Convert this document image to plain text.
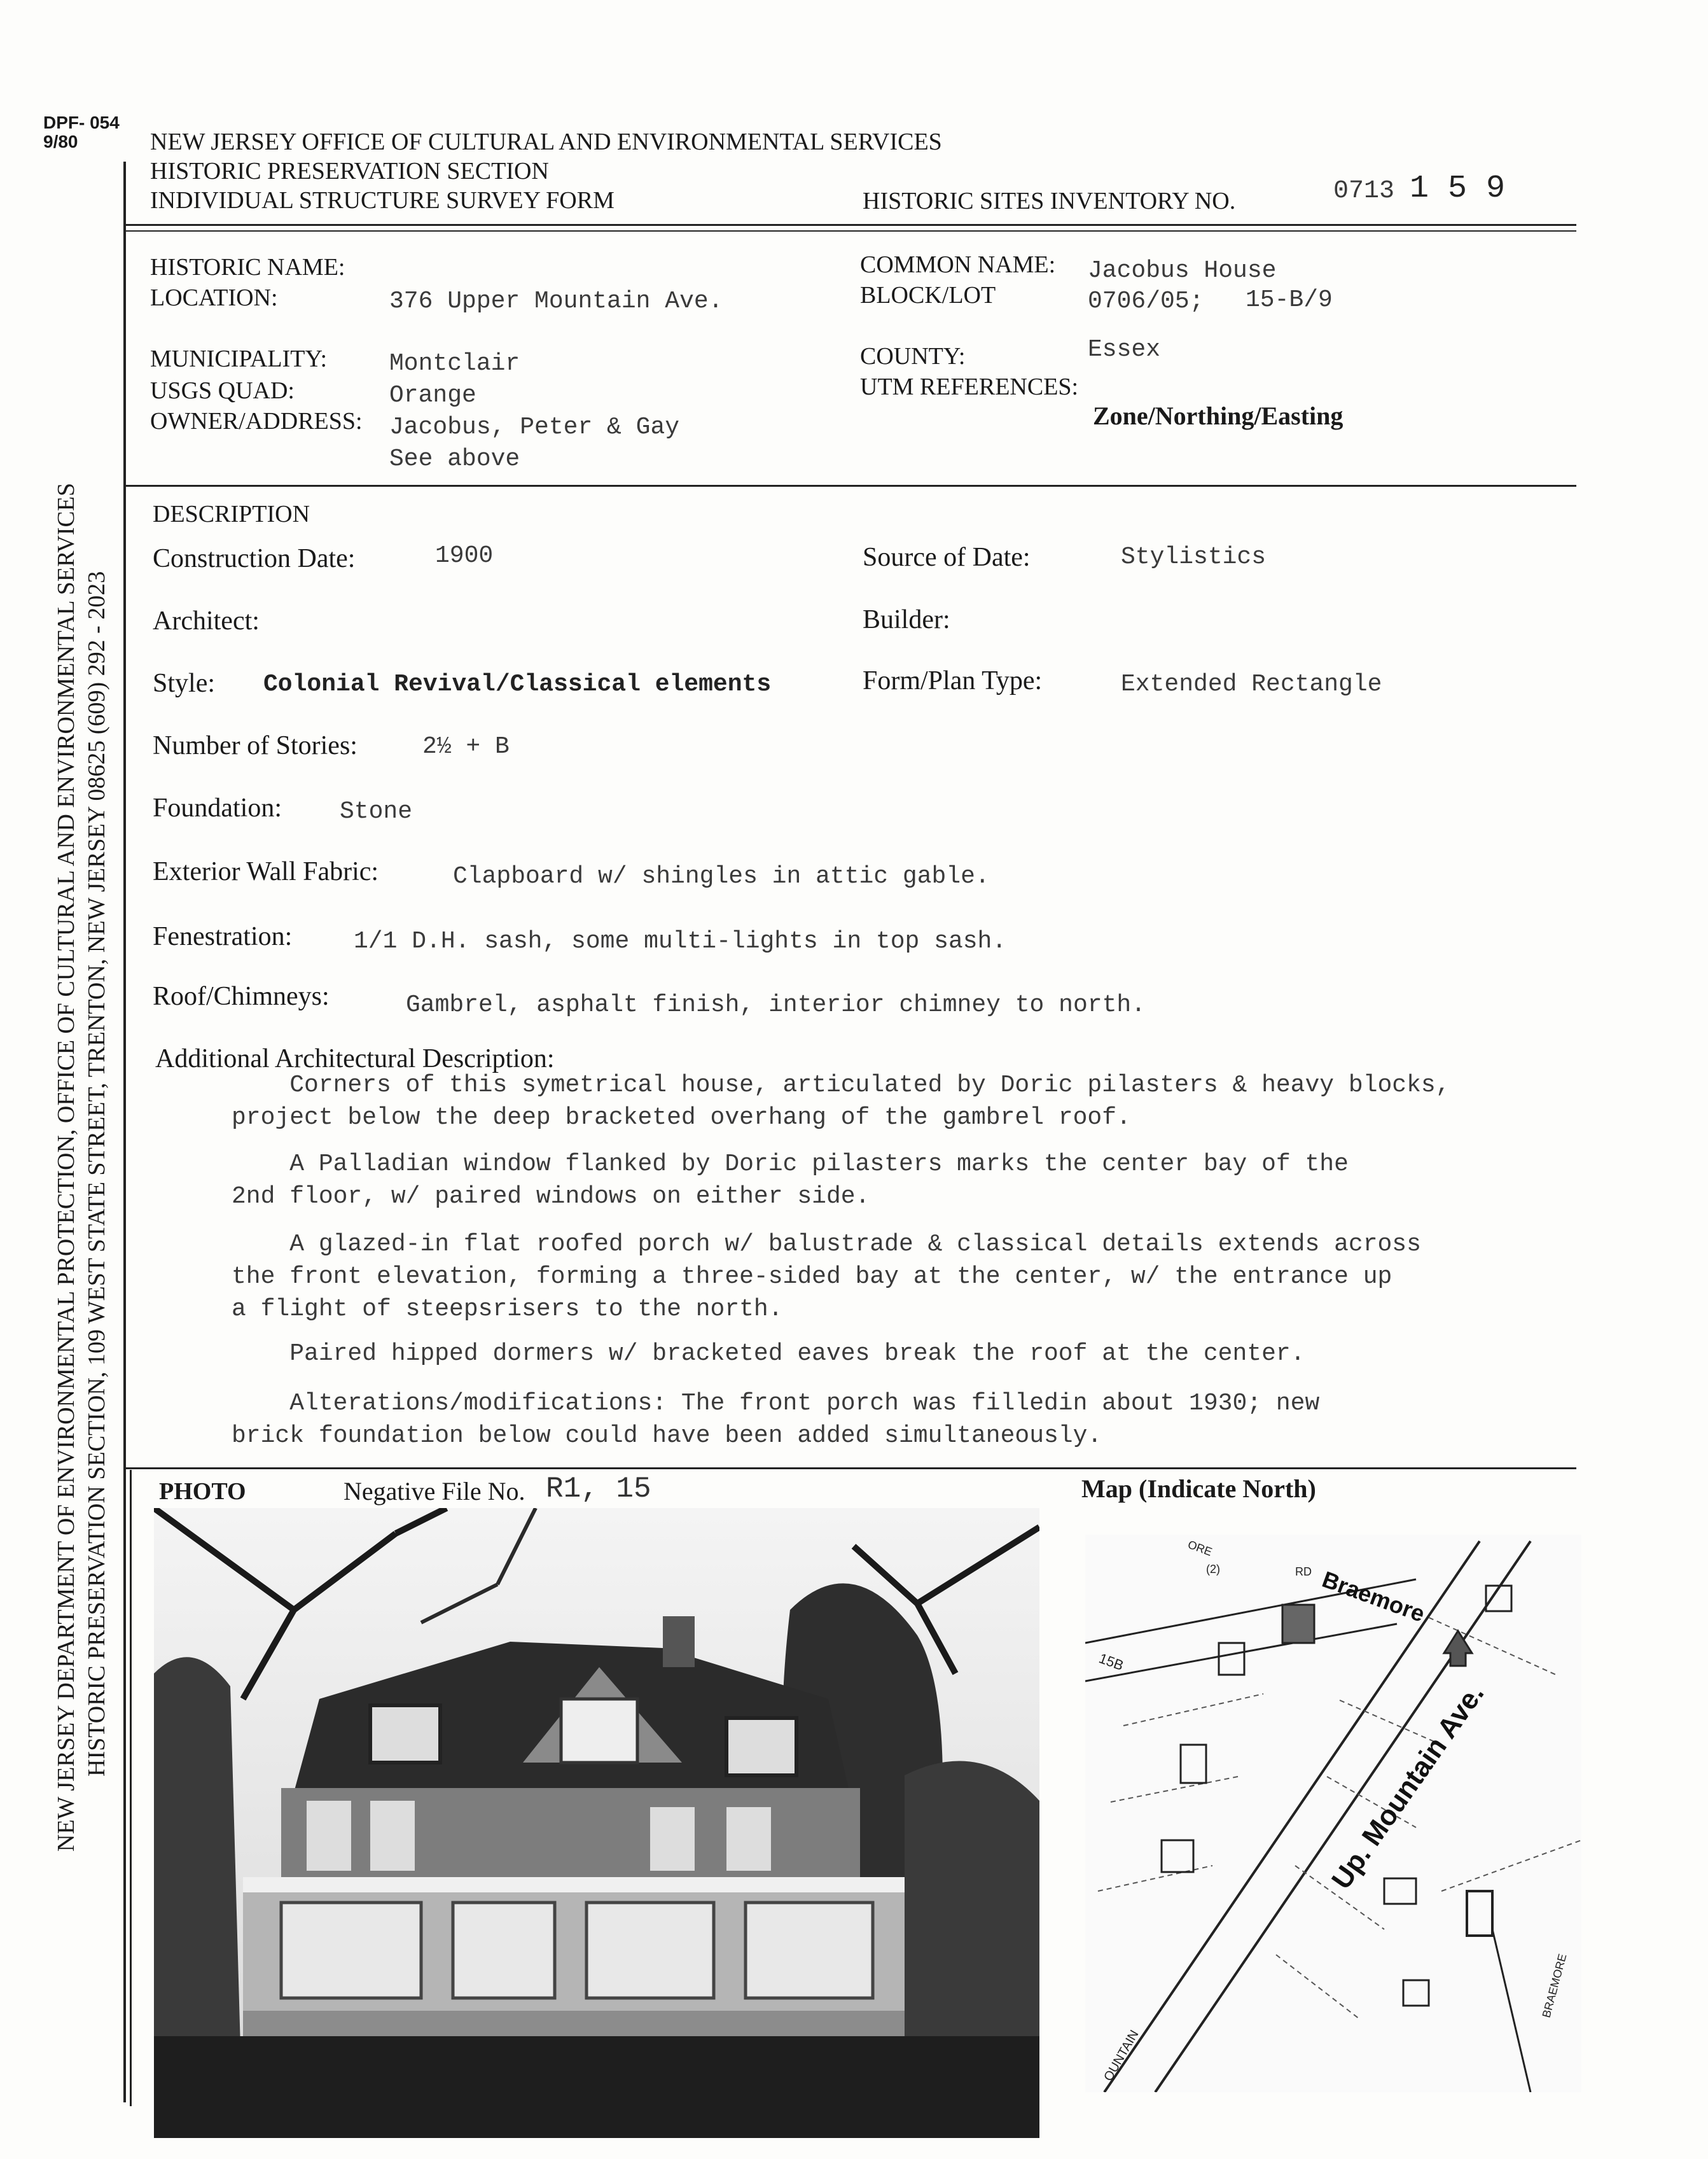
DPF- 054
9/80	NEW JERSEY OFFICE OF CULTURAL AND ENVIRONMENTAL SERVICES
HISTORIC PRESERVATION SECTION
INDIVIDUAL STRUCTURE SURVEY FORM	HISTORIC SITES INVENTORY NO.	0713 1 5 9
NEW JERSEY DEPARTMENT OF ENVIRONMENTAL PROTECTION, OFFICE OF CULTURAL AND ENVIRONMENTAL SERVICES HISTORIC PRESERVATION SECTION, 109 WEST STATE STREET, TRENTON, NEW JERSEY 08625 (609) 292 - 2023
HISTORIC NAME:
LOCATION:	376 Upper Mountain Ave.
MUNICIPALITY:	Montclair
USGS QUAD:	Orange
OWNER/ADDRESS: Jacobus, Peter & Gay
See above
COMMON NAME: Jacobus House
BLOCK/LOT	0706/05; 15-B/9
COUNTY:	Essex
UTM REFERENCES:
Zone/Northing/Easting
DESCRIPTION
Construction Date:	1900	Source of Date:	Stylistics
Architect:	Builder:
Style: Colonial Revival/Classical elements	Form/Plan Type:	Extended Rectangle
Number of Stories:	2½ + B
Foundation: Stone
Exterior Wall Fabric:	Clapboard w/ shingles in attic gable.
Fenestration:	1/1 D.H. sash, some multi-lights in top sash.
Roof/Chimneys:	Gambrel, asphalt finish, interior chimney to north.
Additional Architectural Description:
Corners of this symetrical house, articulated by Doric pilasters & heavy blocks,
project below the deep bracketed overhang of the gambrel roof.
A Palladian window flanked by Doric pilasters marks the center bay of the
2nd floor, w/ paired windows on either side.
A glazed-in flat roofed porch w/ balustrade & classical details extends across
the front elevation, forming a three-sided bay at the center, w/ the entrance up
a flight of steepsrisers to the north.
Paired hipped dormers w/ bracketed eaves break the roof at the center.
Alterations/modifications: The front porch was filledin about 1930; new
brick foundation below could have been added simultaneously.
PHOTO	Negative File No. R1, 15	Map (Indicate North)
Up. Mountain Ave.
Braemore
RD
OUNTAIN
BRAEMORE
15B
ORE
(2)
